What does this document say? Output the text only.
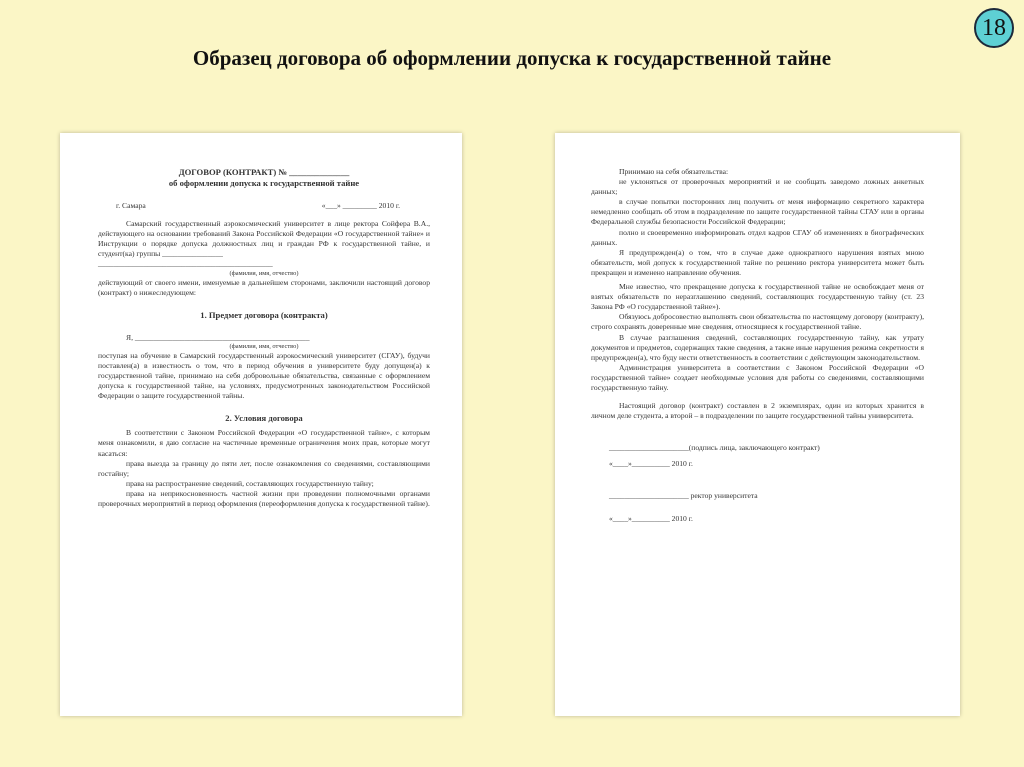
18
Образец договора об оформлении допуска к государственной тайне

ДОГОВОР (КОНТРАКТ) № ______________

об оформлении допуска к государственной тайне

г. Самара	«___» _________ 2010 г.

Самарский государственный аэрокосмический университет в лице ректора Сойфера В.А., действующего на основании требований Закона Российской Федерации «О государственной тайне» и Инструкции о порядке допуска должностных лиц и граждан РФ к государственной тайне, и студент(ка) группы ________________

______________________________________________

(фамилия, имя, отчество)

действующий от своего имени, именуемые в дальнейшем сторонами, заключили настоящий договор (контракт) о нижеследующем:

1. Предмет договора (контракта)

Я, ______________________________________________

(фамилия, имя, отчество)

поступая на обучение в Самарский государственный аэрокосмический университет (СГАУ), будучи поставлен(а) в известность о том, что в период обучения в университете буду допущен(а) к государственной тайне, принимаю на себя добровольные обязательства, связанные с оформлением допуска к государственной тайне, на условиях, предусмотренных законодательством Российской Федерации о защите государственной тайны.

2. Условия договора

В соответствии с Законом Российской Федерации «О государственной тайне», с которым меня ознакомили, я даю согласие на частичные временные ограничения моих прав, которые могут касаться:

права выезда за границу до пяти лет, после ознакомления со сведениями, составляющими гостайну;

права на распространение сведений, составляющих государственную тайну;

права на неприкосновенность частной жизни при проведении полномочными органами проверочных мероприятий в период оформления (переоформления допуска к государственной тайне).

Принимаю на себя обязательства:

не уклоняться от проверочных мероприятий и не сообщать заведомо ложных анкетных данных;

в случае попытки посторонних лиц получить от меня информацию секретного характера немедленно сообщать об этом в подразделение по защите государственной тайны СГАУ или в органы Федеральной службы безопасности Российской Федерации;

полно и своевременно информировать отдел кадров СГАУ об изменениях в биографических данных.

Я предупрежден(а) о том, что в случае даже однократного нарушения взятых мною обязательств, мой допуск к государственной тайне по решению ректора университета может быть прекращен и изменено направление обучения.

Мне известно, что прекращение допуска к государственной тайне не освобождает меня от взятых обязательств по неразглашению сведений, составляющих государственную тайну (ст. 23 Закона РФ «О государственной тайне»).

Обязуюсь добросовестно выполнять свои обязательства по настоящему договору (контракту), строго сохранять доверенные мне сведения, относящиеся к государственной тайне.

В случае разглашения сведений, составляющих государственную тайну, как утрату документов и предметов, содержащих такие сведения, а также иные нарушения режима секретности я предупрежден(а), что буду нести ответственность в соответствии с действующим законодательством.

Администрация университета в соответствии с Законом Российской Федерации «О государственной тайне» создает необходимые условия для работы со сведениями, составляющими государственную тайну.

Настоящий договор (контракт) составлен в 2 экземплярах, один из которых хранится в личном деле студента, а второй – в подразделении по защите государственной тайны университета.

_____________________(подпись лица, заключающего контракт)

«____»__________ 2010 г.

_____________________ ректор университета

«____»__________ 2010 г.
